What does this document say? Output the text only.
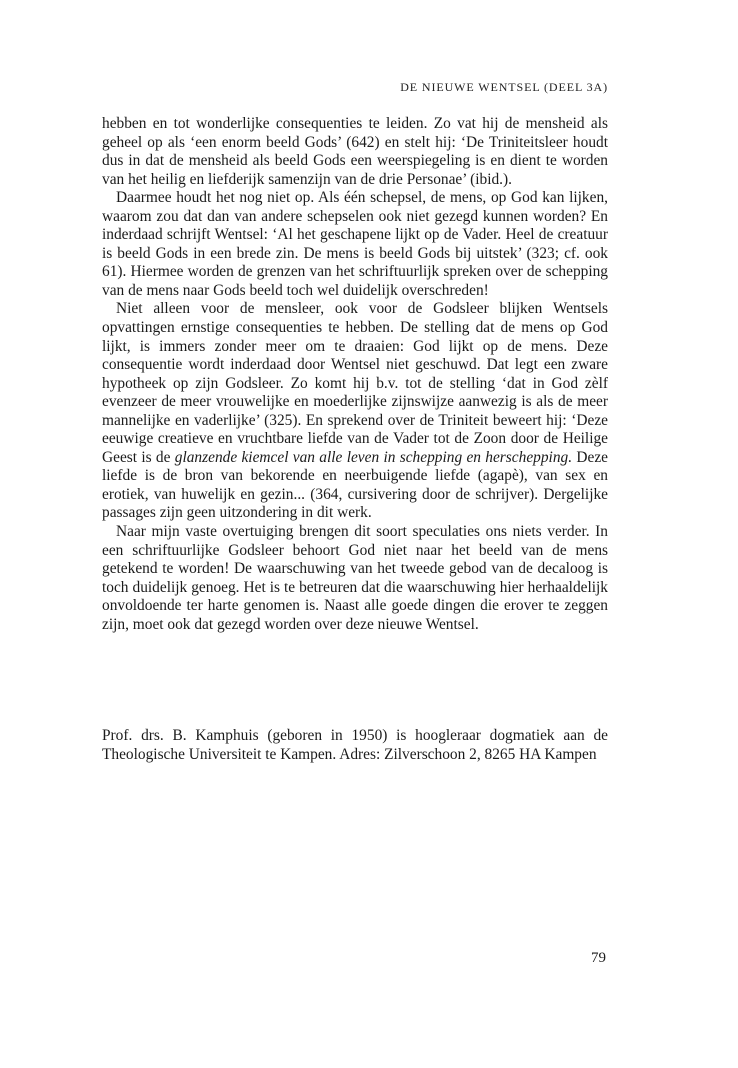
DE NIEUWE WENTSEL (DEEL 3A)

hebben en tot wonderlijke consequenties te leiden. Zo vat hij de mensheid als geheel op als ‘een enorm beeld Gods’ (642) en stelt hij: ‘De Triniteitsleer houdt dus in dat de mensheid als beeld Gods een weerspiegeling is en dient te worden van het heilig en liefderijk samenzijn van de drie Personae’ (ibid.).

Daarmee houdt het nog niet op. Als één schepsel, de mens, op God kan lijken, waarom zou dat dan van andere schepselen ook niet gezegd kunnen worden? En inderdaad schrijft Wentsel: ‘Al het geschapene lijkt op de Vader. Heel de creatuur is beeld Gods in een brede zin. De mens is beeld Gods bij uitstek’ (323; cf. ook 61). Hiermee worden de grenzen van het schriftuurlijk spreken over de schepping van de mens naar Gods beeld toch wel duidelijk overschreden!

Niet alleen voor de mensleer, ook voor de Godsleer blijken Wentsels opvattingen ernstige consequenties te hebben. De stelling dat de mens op God lijkt, is immers zonder meer om te draaien: God lijkt op de mens. Deze consequentie wordt inderdaad door Wentsel niet geschuwd. Dat legt een zware hypotheek op zijn Godsleer. Zo komt hij b.v. tot de stelling ‘dat in God zèlf evenzeer de meer vrouwelijke en moederlijke zijnswijze aanwezig is als de meer mannelijke en vaderlijke’ (325). En sprekend over de Triniteit beweert hij: ‘Deze eeuwige creatieve en vruchtbare liefde van de Vader tot de Zoon door de Heilige Geest is de glanzende kiemcel van alle leven in schepping en herschepping. Deze liefde is de bron van bekorende en neerbuigende liefde (agapè), van sex en erotiek, van huwelijk en gezin... (364, cursivering door de schrijver). Dergelijke passages zijn geen uitzondering in dit werk.

Naar mijn vaste overtuiging brengen dit soort speculaties ons niets verder. In een schriftuurlijke Godsleer behoort God niet naar het beeld van de mens getekend te worden! De waarschuwing van het tweede gebod van de decaloog is toch duidelijk genoeg. Het is te betreuren dat die waarschuwing hier herhaaldelijk onvoldoende ter harte genomen is. Naast alle goede dingen die erover te zeggen zijn, moet ook dat gezegd worden over deze nieuwe Wentsel.

Prof. drs. B. Kamphuis (geboren in 1950) is hoogleraar dogmatiek aan de Theologische Universiteit te Kampen. Adres: Zilverschoon 2, 8265 HA Kampen
79
